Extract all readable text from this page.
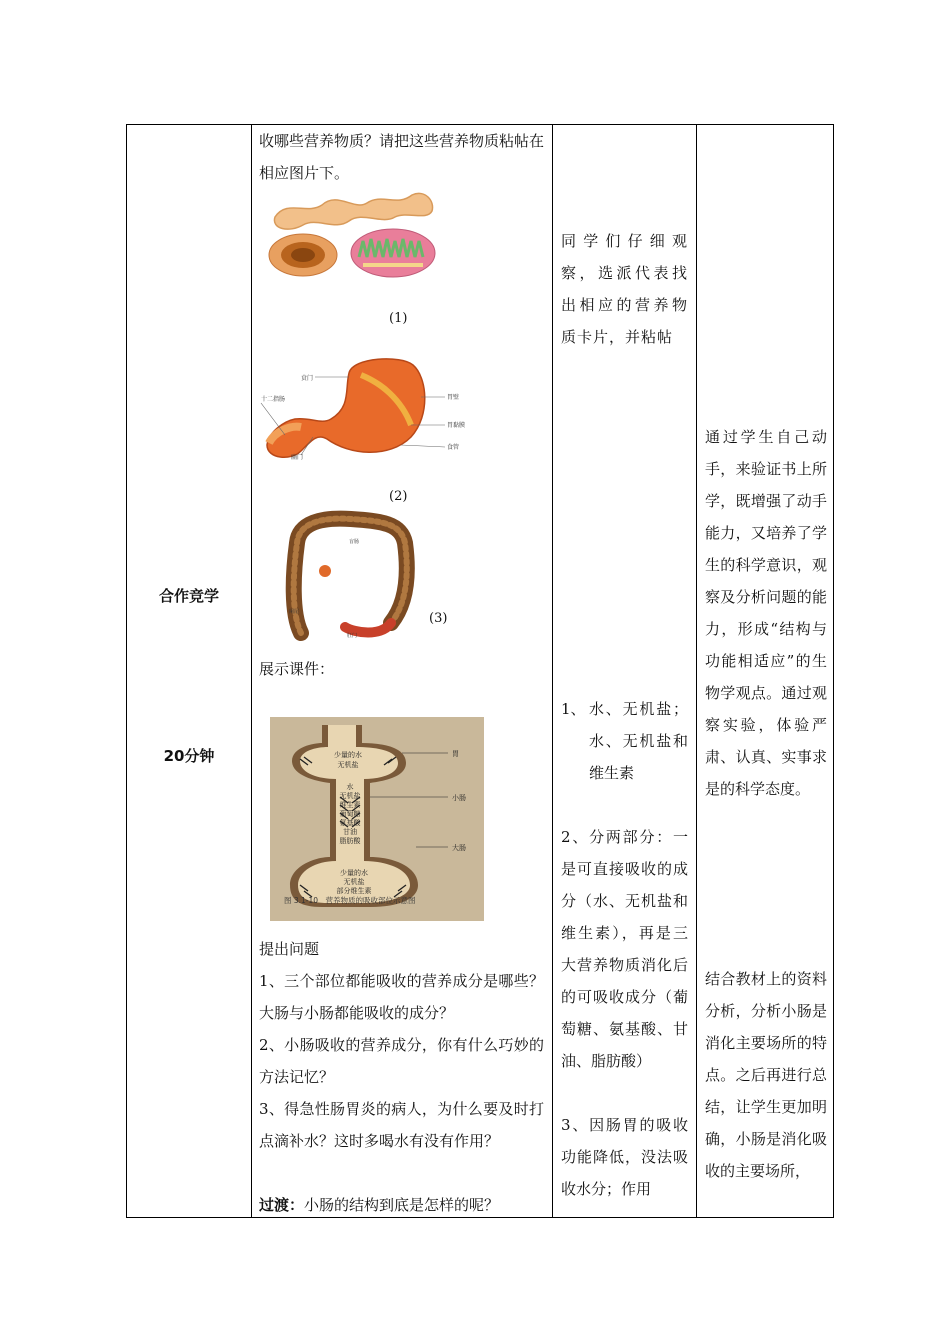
合作竞学
20分钟
收哪些营养物质？请把这些营养物质粘帖在相应图片下。
(1)
贲门
十二指肠
幽门
胃壁
胃黏膜
食管
(2)
盲肠
阑尾
肛门
(3)
展示课件：
少量的水
无机盐
水
无机盐
维生素
葡萄糖
氨基酸
甘油
脂肪酸
少量的水
无机盐
部分维生素
胃
小肠
大肠
图 3.1-10　营养物质的吸收部位示意图
提出问题
1、三个部位都能吸收的营养成分是哪些？大肠与小肠都能吸收的成分？
2、小肠吸收的营养成分，你有什么巧妙的方法记忆？
3、得急性肠胃炎的病人，为什么要及时打点滴补水？这时多喝水有没有作用？
过渡：小肠的结构到底是怎样的呢？
同学们仔细观察，选派代表找出相应的营养物质卡片，并粘帖
1、 水、无机盐；水、无机盐和维生素
2、分两部分：一是可直接吸收的成分（水、无机盐和维生素），再是三大营养物质消化后的可吸收成分（葡萄糖、氨基酸、甘油、脂肪酸）
3、因肠胃的吸收功能降低，没法吸收水分；作用
通过学生自己动手，来验证书上所学，既增强了动手能力，又培养了学生的科学意识，观察及分析问题的能力，形成“结构与功能相适应”的生物学观点。通过观察实验，体验严肃、认真、实事求是的科学态度。
结合教材上的资料分析，分析小肠是消化主要场所的特点。之后再进行总结，让学生更加明确，小肠是消化吸收的主要场所，
